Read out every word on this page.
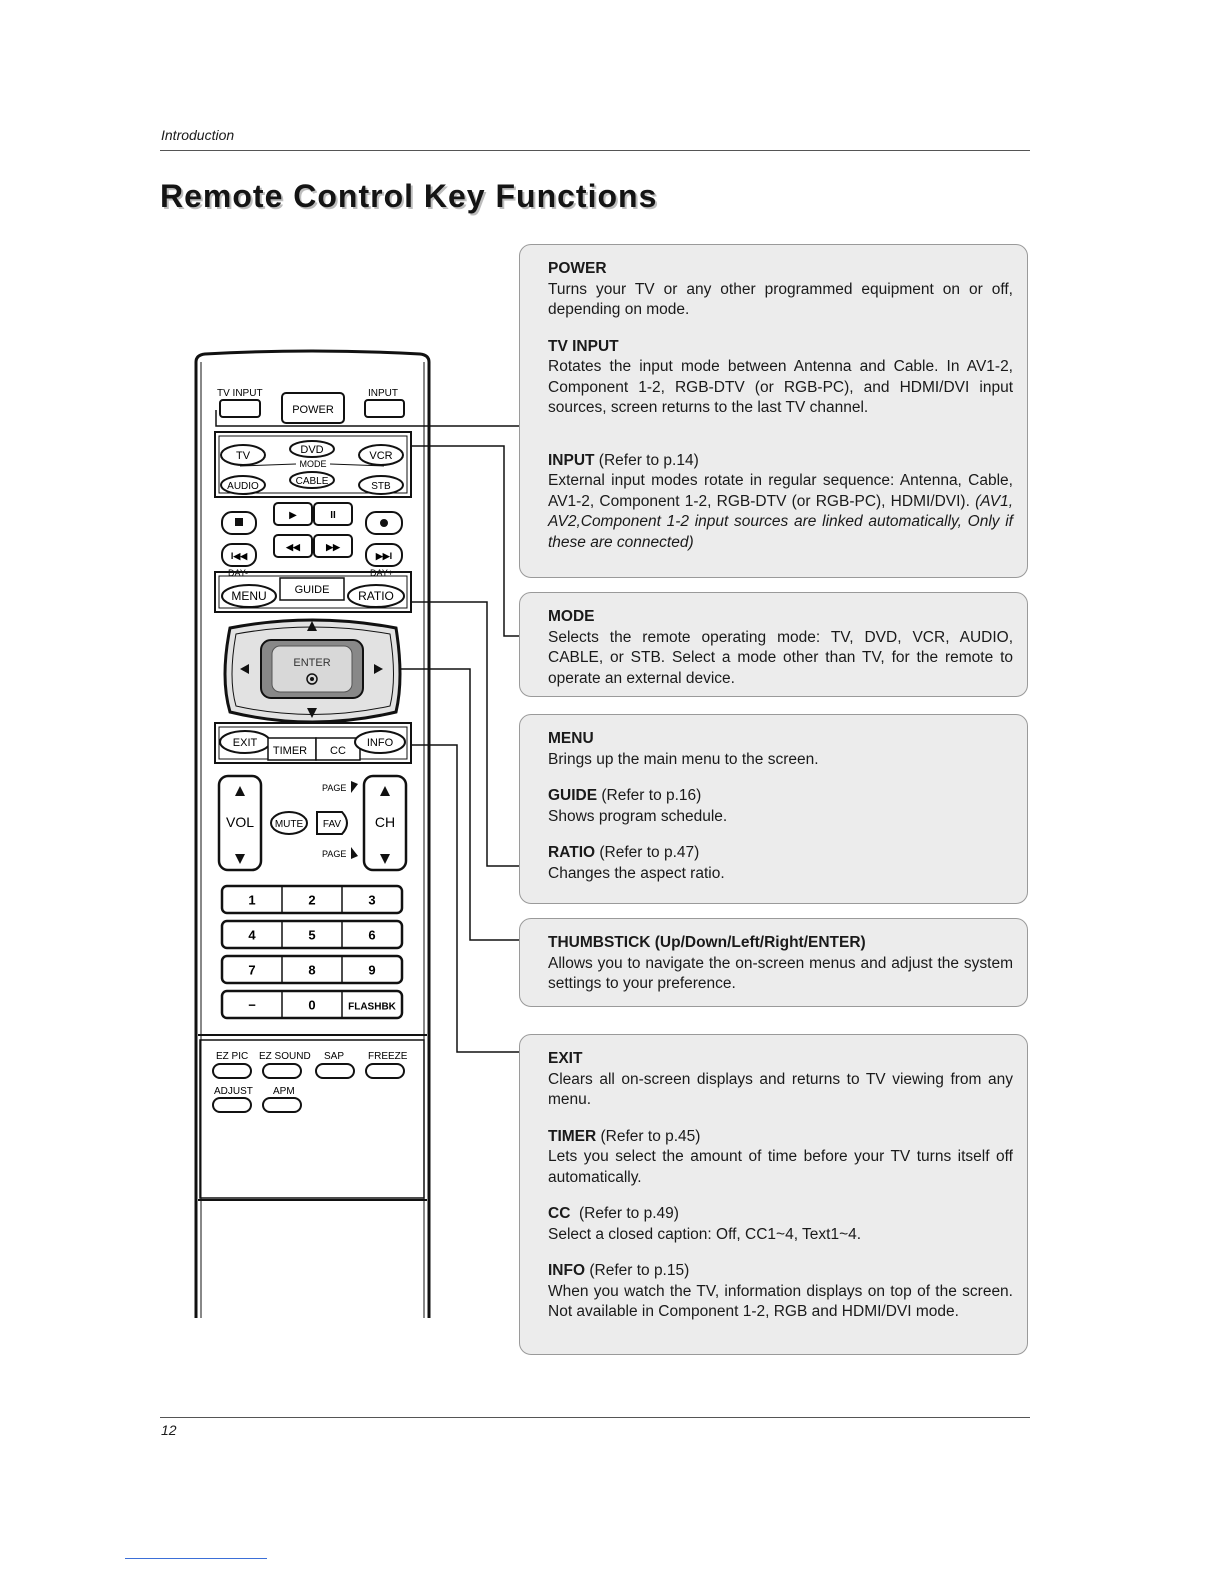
Introduction
Remote Control Key Functions
TV INPUT
POWER
INPUT
TV	DVD	VCR
MODE
AUDIO	CABLE	STB
▶	II
I◀◀
◀◀	▶▶
▶▶I
DAY-	DAY+
MENU	GUIDE RATIO
ENTER
EXIT
TIMER CC
INFO
VOL	CH
PAGE
PAGE
MUTE FAV
1	2	3
4	5	6
7	8	9
−	0	FLASHBK
EZ PIC EZ SOUND SAP FREEZE
ADJUST APM
POWER
Turns your TV or any other programmed equipment on or off, depending on mode.
TV INPUT
Rotates the input mode between Antenna and Cable. In AV1-2, Component 1-2, RGB-DTV (or RGB-PC), and HDMI/DVI input sources, screen returns to the last TV channel.
INPUT (Refer to p.14)
External input modes rotate in regular sequence: Antenna, Cable, AV1-2, Component 1-2, RGB-DTV (or RGB-PC), HDMI/DVI). (AV1, AV2,Component 1-2 input sources are linked automatically, Only if these are connected)
MODE
Selects the remote operating mode: TV, DVD, VCR, AUDIO, CABLE, or STB. Select a mode other than TV, for the remote to operate an external device.
MENU
Brings up the main menu to the screen.
GUIDE (Refer to p.16)
Shows program schedule.
RATIO (Refer to p.47)
Changes the aspect ratio.
THUMBSTICK (Up/Down/Left/Right/ENTER)
Allows you to navigate the on-screen menus and adjust the system settings to your preference.
EXIT
Clears all on-screen displays and returns to TV viewing from any menu.
TIMER (Refer to p.45)
Lets you select the amount of time before your TV turns itself off automatically.
CC  (Refer to p.49)
Select a closed caption: Off, CC1~4, Text1~4.
INFO (Refer to p.15)
When you watch the TV, information displays on top of the screen. Not available in Component 1-2, RGB and HDMI/DVI mode.
12
